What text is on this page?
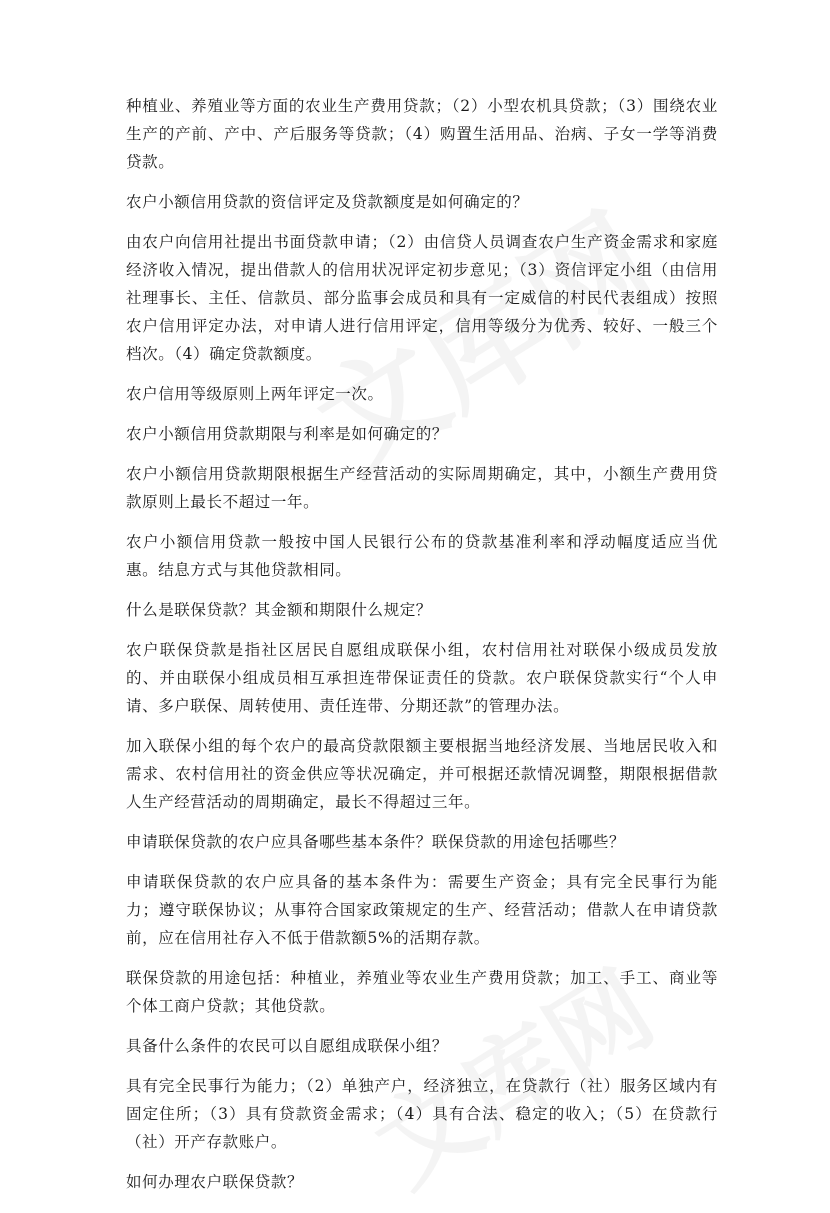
种植业、养殖业等方面的农业生产费用贷款；（2）小型农机具贷款；（3）围绕农业生产的产前、产中、产后服务等贷款；（4）购置生活用品、治病、子女一学等消费贷款。

农户小额信用贷款的资信评定及贷款额度是如何确定的？

由农户向信用社提出书面贷款申请；（2）由信贷人员调查农户生产资金需求和家庭经济收入情况，提出借款人的信用状况评定初步意见；（3）资信评定小组（由信用社理事长、主任、信款员、部分监事会成员和具有一定威信的村民代表组成）按照农户信用评定办法，对申请人进行信用评定，信用等级分为优秀、较好、一般三个档次。（4）确定贷款额度。

农户信用等级原则上两年评定一次。

农户小额信用贷款期限与利率是如何确定的？

农户小额信用贷款期限根据生产经营活动的实际周期确定，其中，小额生产费用贷款原则上最长不超过一年。

农户小额信用贷款一般按中国人民银行公布的贷款基准利率和浮动幅度适应当优惠。结息方式与其他贷款相同。

什么是联保贷款？其金额和期限什么规定？

农户联保贷款是指社区居民自愿组成联保小组，农村信用社对联保小级成员发放的、并由联保小组成员相互承担连带保证责任的贷款。农户联保贷款实行“个人申请、多户联保、周转使用、责任连带、分期还款”的管理办法。

加入联保小组的每个农户的最高贷款限额主要根据当地经济发展、当地居民收入和需求、农村信用社的资金供应等状况确定，并可根据还款情况调整，期限根据借款人生产经营活动的周期确定，最长不得超过三年。

申请联保贷款的农户应具备哪些基本条件？联保贷款的用途包括哪些？

申请联保贷款的农户应具备的基本条件为：需要生产资金；具有完全民事行为能力；遵守联保协议；从事符合国家政策规定的生产、经营活动；借款人在申请贷款前，应在信用社存入不低于借款额5%的活期存款。

联保贷款的用途包括：种植业，养殖业等农业生产费用贷款；加工、手工、商业等个体工商户贷款；其他贷款。

具备什么条件的农民可以自愿组成联保小组？

具有完全民事行为能力；（2）单独产户，经济独立，在贷款行（社）服务区域内有固定住所；（3）具有贷款资金需求；（4）具有合法、稳定的收入；（5）在贷款行（社）开产存款账户。

如何办理农户联保贷款？
